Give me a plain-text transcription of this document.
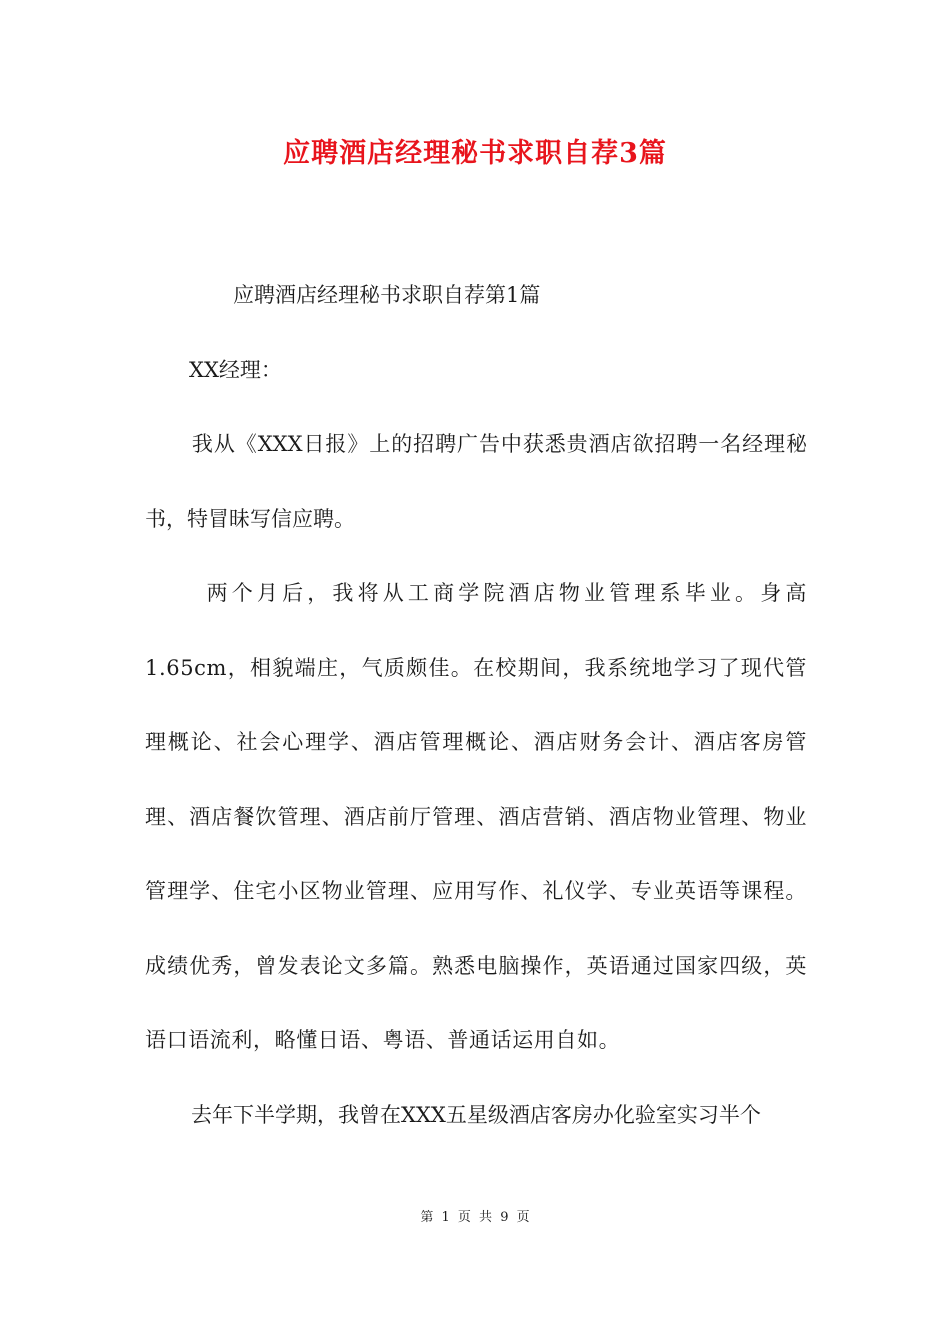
应聘酒店经理秘书求职自荐3篇
应聘酒店经理秘书求职自荐第1篇
XX经理：

我从《XXX日报》上的招聘广告中获悉贵酒店欲招聘一名经理秘书，特冒昧写信应聘。

两个月后，我将从工商学院酒店物业管理系毕业。身高1.65cm，相貌端庄，气质颇佳。在校期间，我系统地学习了现代管理概论、社会心理学、酒店管理概论、酒店财务会计、酒店客房管理、酒店餐饮管理、酒店前厅管理、酒店营销、酒店物业管理、物业管理学、住宅小区物业管理、应用写作、礼仪学、专业英语等课程。成绩优秀，曾发表论文多篇。熟悉电脑操作，英语通过国家四级，英语口语流利，略懂日语、粤语、普通话运用自如。

去年下半学期，我曾在XXX五星级酒店客房办化验室实习半个

第 1 页 共 9 页
